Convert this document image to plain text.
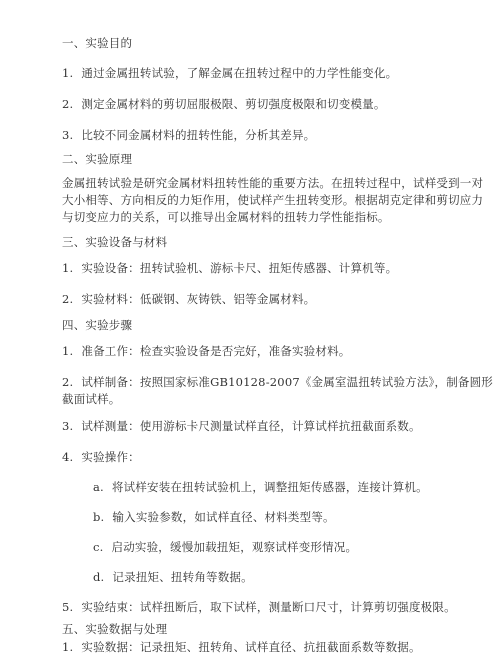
一、实验目的
1. 通过金属扭转试验，了解金属在扭转过程中的力学性能变化。
2. 测定金属材料的剪切屈服极限、剪切强度极限和切变模量。
3. 比较不同金属材料的扭转性能，分析其差异。
二、实验原理
金属扭转试验是研究金属材料扭转性能的重要方法。在扭转过程中，试样受到一对
大小相等、方向相反的力矩作用，使试样产生扭转变形。根据胡克定律和剪切应力
与切变应力的关系，可以推导出金属材料的扭转力学性能指标。
三、实验设备与材料
1. 实验设备：扭转试验机、游标卡尺、扭矩传感器、计算机等。
2. 实验材料：低碳钢、灰铸铁、铝等金属材料。
四、实验步骤
1. 准备工作：检查实验设备是否完好，准备实验材料。
2. 试样制备：按照国家标准GB10128-2007《金属室温扭转试验方法》，制备圆形
截面试样。
3. 试样测量：使用游标卡尺测量试样直径，计算试样抗扭截面系数。
4. 实验操作：
a. 将试样安装在扭转试验机上，调整扭矩传感器，连接计算机。
b. 输入实验参数，如试样直径、材料类型等。
c. 启动实验，缓慢加载扭矩，观察试样变形情况。
d. 记录扭矩、扭转角等数据。
5. 实验结束：试样扭断后，取下试样，测量断口尺寸，计算剪切强度极限。
五、实验数据与处理
1. 实验数据：记录扭矩、扭转角、试样直径、抗扭截面系数等数据。
